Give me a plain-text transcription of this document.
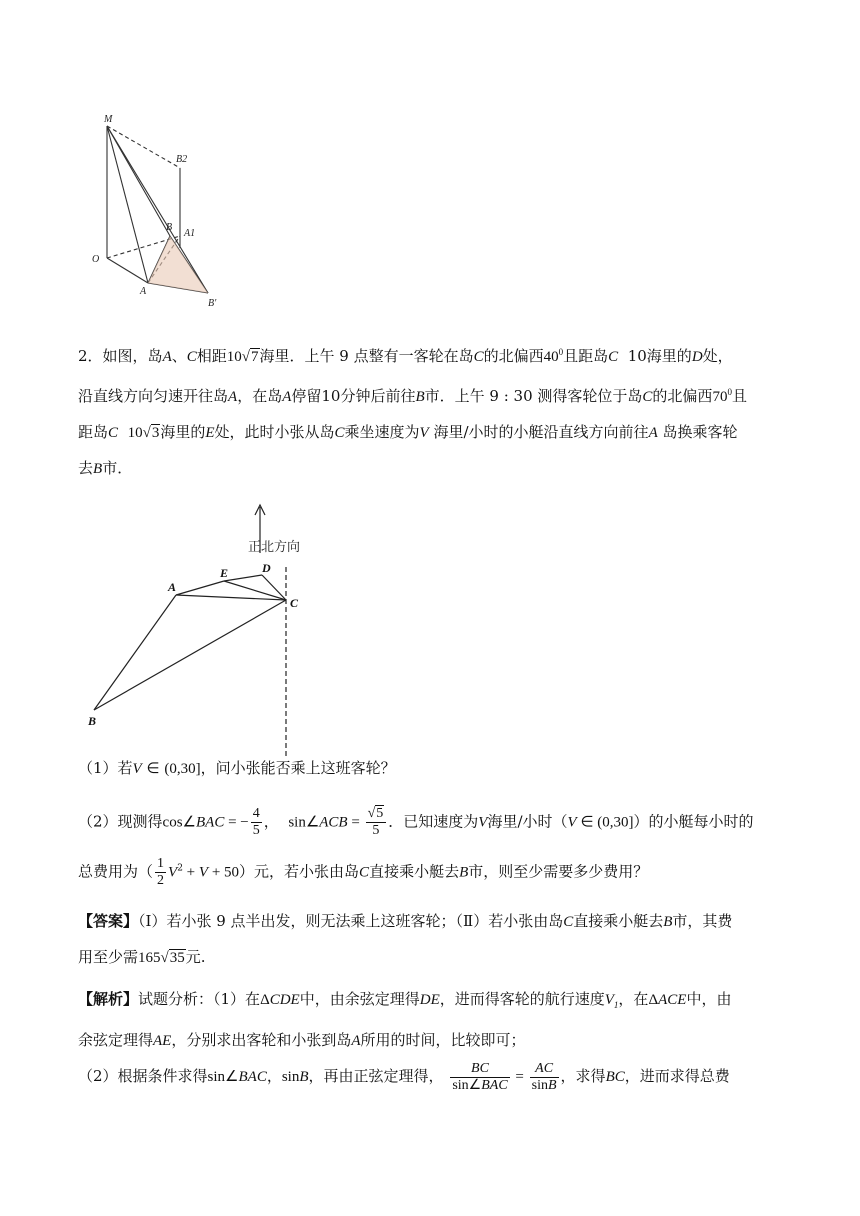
M
B2
B
A1
O
A
B'
2．如图，岛A、C相距10√7海里．上午 9 点整有一客轮在岛C的北偏西$40^0$且距岛C 10海里的D处，
沿直线方向匀速开往岛A，在岛A停留10分钟后前往B市．上午 9 : 30 测得客轮位于岛C的北偏西$70^0$且
距岛C 10√3海里的E处，此时小张从岛C乘坐速度为V 海里/小时的小艇沿直线方向前往A 岛换乘客轮
去B市．
正北方向
A
E	D
C
B
（1）若V ∈ (0,30]，问小张能否乘上这班客轮？
（2）现测得cos∠BAC = − $\frac{4}{5}$ ，  sin∠ACB = $\frac{√5}{5}$ ．已知速度为V海里/小时（V ∈ (0,30]）的小艇每小时的
总费用为（ $\frac{1}{2} V^2 + V + 50$）元，若小张由岛C直接乘小艇去B市，则至少需要多少费用？
【答案】（Ⅰ）若小张 9 点半出发，则无法乘上这班客轮；（Ⅱ）若小张由岛C直接乘小艇去B市，其费
用至少需165√35元.
【解析】试题分析：（1）在ΔCDE中，由余弦定理得DE，进而得客轮的航行速度$V_1$，在ΔACE中，由
余弦定理得AE，分别求出客轮和小张到岛A所用的时间，比较即可；
（2）根据条件求得sin∠BAC，sinB，再由正弦定理得， $\frac{BC}{\text{sin∠BAC}} = \frac{AC}{\sin B}$ ，求得BC，进而求得总费
